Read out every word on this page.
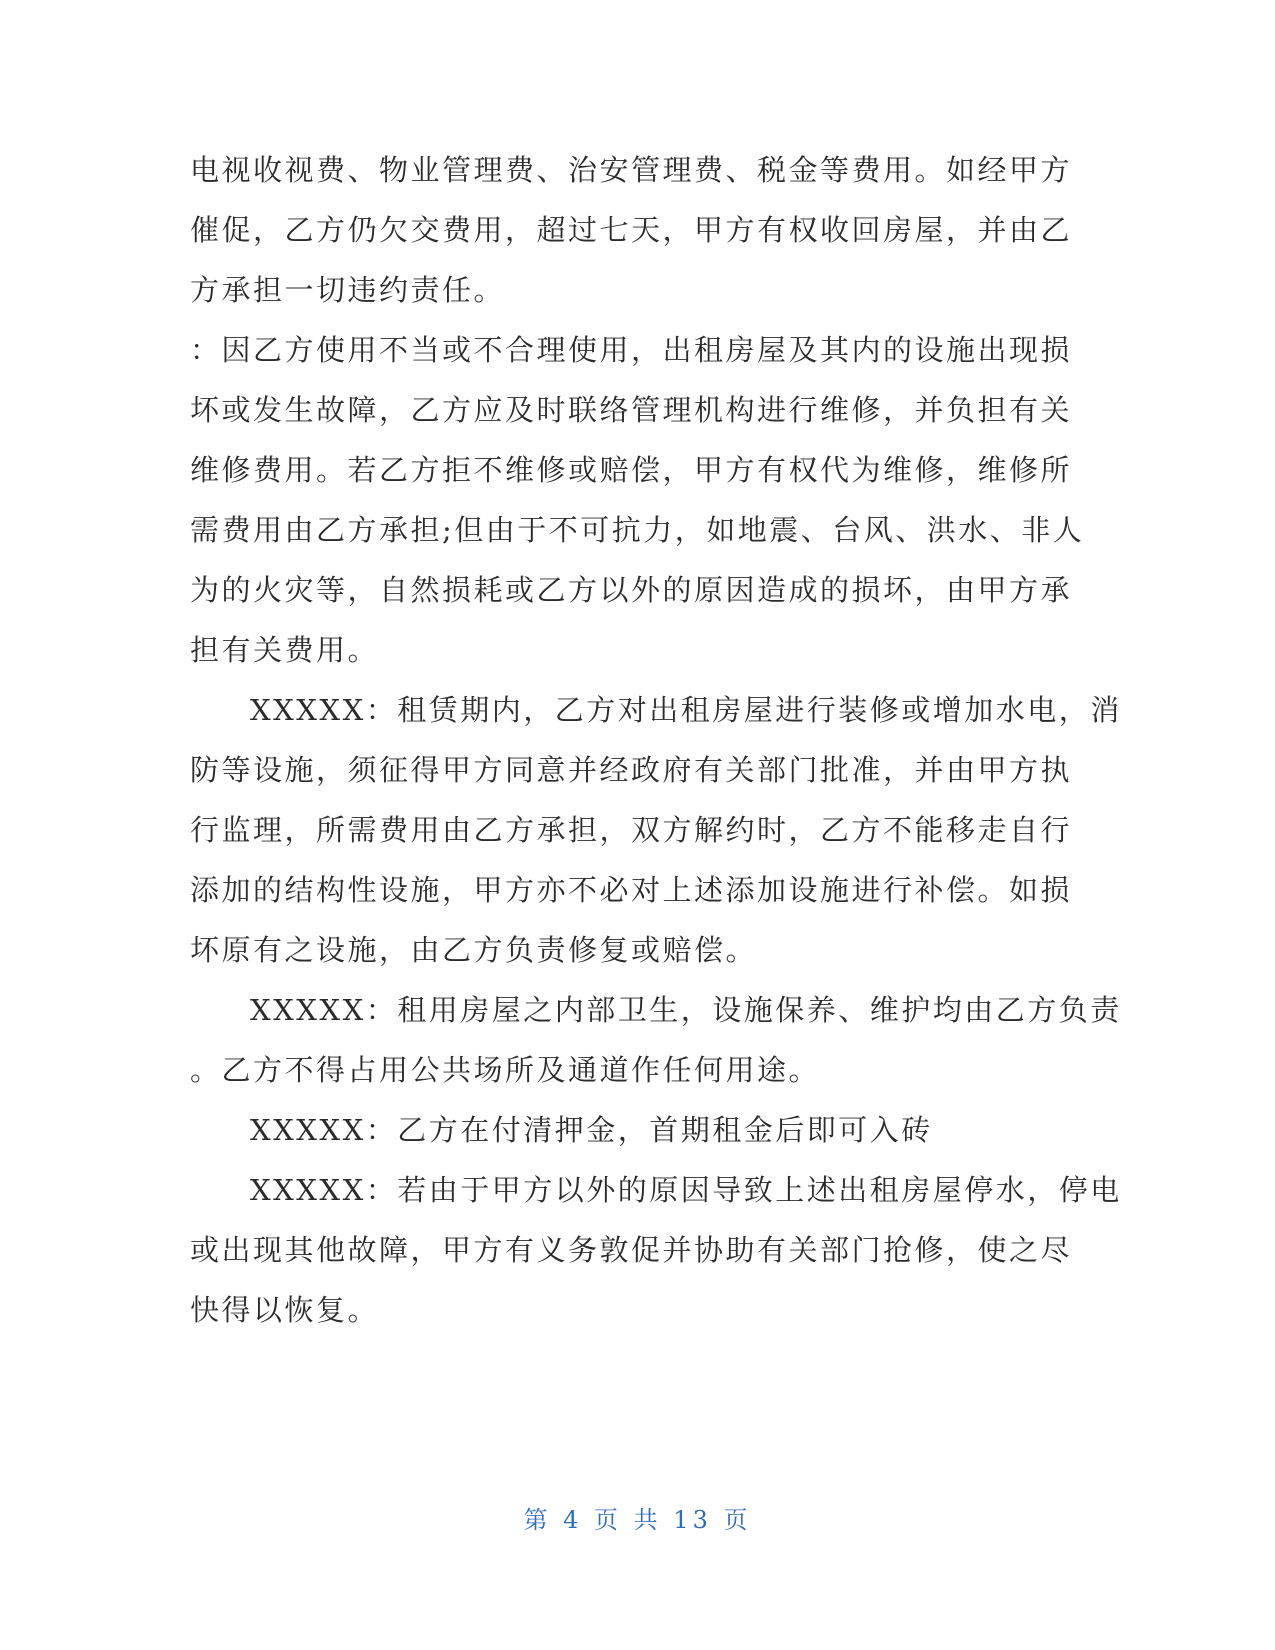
电视收视费、物业管理费、治安管理费、税金等费用。如经甲方
催促，乙方仍欠交费用，超过七天，甲方有权收回房屋，并由乙
方承担一切违约责任。
：因乙方使用不当或不合理使用，出租房屋及其内的设施出现损
坏或发生故障，乙方应及时联络管理机构进行维修，并负担有关
维修费用。若乙方拒不维修或赔偿，甲方有权代为维修，维修所
需费用由乙方承担;但由于不可抗力，如地震、台风、洪水、非人
为的火灾等，自然损耗或乙方以外的原因造成的损坏，由甲方承
担有关费用。
XXXXX：租赁期内，乙方对出租房屋进行装修或增加水电，消
防等设施，须征得甲方同意并经政府有关部门批准，并由甲方执
行监理，所需费用由乙方承担，双方解约时，乙方不能移走自行
添加的结构性设施，甲方亦不必对上述添加设施进行补偿。如损
坏原有之设施，由乙方负责修复或赔偿。
XXXXX：租用房屋之内部卫生，设施保养、维护均由乙方负责
。乙方不得占用公共场所及通道作任何用途。
XXXXX：乙方在付清押金，首期租金后即可入砖
XXXXX：若由于甲方以外的原因导致上述出租房屋停水，停电
或出现其他故障，甲方有义务敦促并协助有关部门抢修，使之尽
快得以恢复。
第 4 页 共 13 页
